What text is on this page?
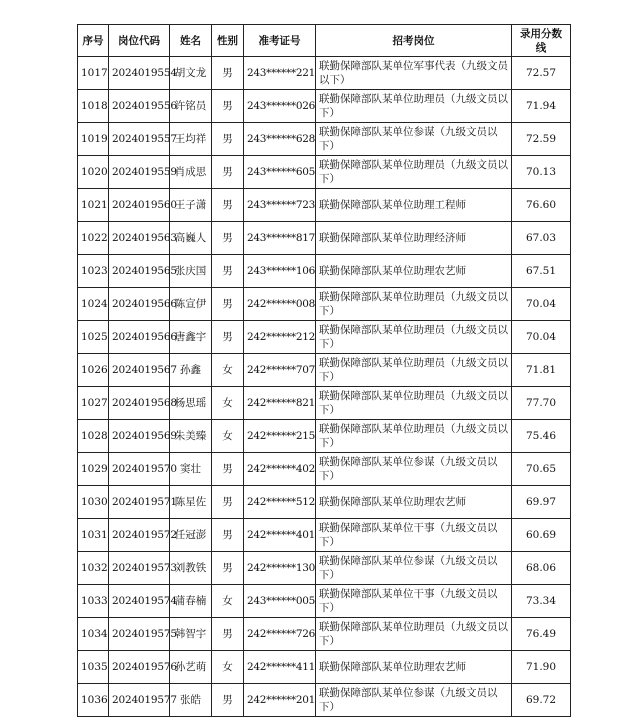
序号	岗位代码	姓名	性别	准考证号	招考岗位	录用分数线
1017	2024019554	胡文龙	男	243******221	联勤保障部队某单位军事代表（九级文员以下）	72.57
1018	2024019556	许铭员	男	243******026	联勤保障部队某单位助理员（九级文员以下）	71.94
1019	2024019557	王均祥	男	243******628	联勤保障部队某单位参谋（九级文员以下）	72.59
1020	2024019559	肖成思	男	243******605	联勤保障部队某单位助理员（九级文员以下）	70.13
1021	2024019560	王子潇	男	243******723	联勤保障部队某单位助理工程师	76.60
1022	2024019563	高巍人	男	243******817	联勤保障部队某单位助理经济师	67.03
1023	2024019565	张庆国	男	243******106	联勤保障部队某单位助理农艺师	67.51
1024	2024019566	陈宣伊	男	242******008	联勤保障部队某单位助理员（九级文员以下）	70.04
1025	2024019566	唐鑫宇	男	242******212	联勤保障部队某单位助理员（九级文员以下）	70.04
1026	2024019567	孙鑫	女	242******707	联勤保障部队某单位助理员（九级文员以下）	71.81
1027	2024019568	杨思瑶	女	242******821	联勤保障部队某单位助理员（九级文员以下）	77.70
1028	2024019569	朱美臻	女	242******215	联勤保障部队某单位助理员（九级文员以下）	75.46
1029	2024019570	窦壮	男	242******402	联勤保障部队某单位参谋（九级文员以下）	70.65
1030	2024019571	陈星佐	男	242******512	联勤保障部队某单位助理农艺师	69.97
1031	2024019572	任冠澎	男	242******401	联勤保障部队某单位干事（九级文员以下）	60.69
1032	2024019573	刘教铁	男	242******130	联勤保障部队某单位参谋（九级文员以下）	68.06
1033	2024019574	蒲春楠	女	243******005	联勤保障部队某单位干事（九级文员以下）	73.34
1034	2024019575	韩智宇	男	242******726	联勤保障部队某单位助理员（九级文员以下）	76.49
1035	2024019576	孙艺萌	女	242******411	联勤保障部队某单位助理农艺师	71.90
1036	2024019577	张皓	男	242******201	联勤保障部队某单位参谋（九级文员以下）	69.72
